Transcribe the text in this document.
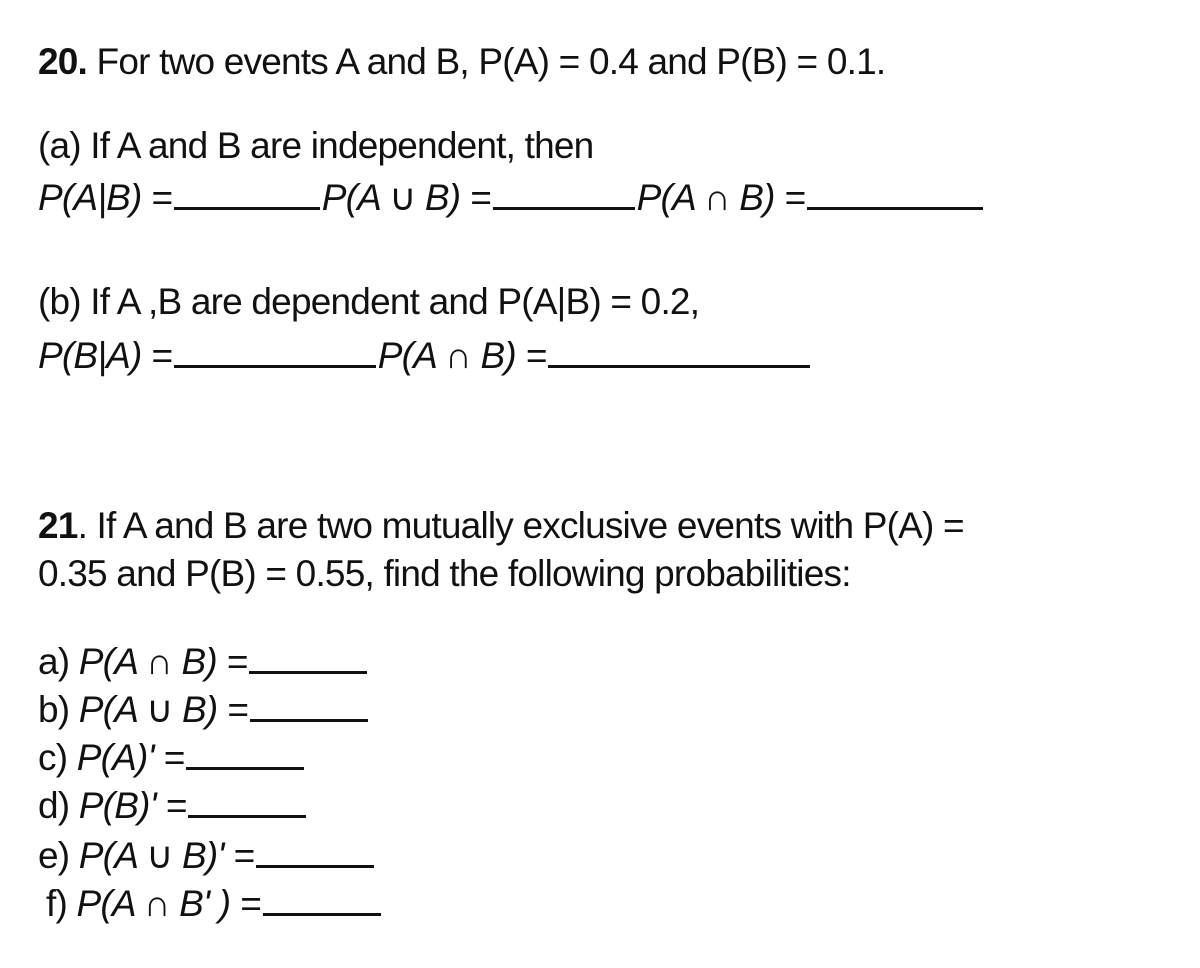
20. For two events A and B, P(A) = 0.4 and P(B) = 0.1.
(a) If A and B are independent, then
P(A|B) =	P(A ∪ B) =	P(A ∩ B) =
(b) If A ,B are dependent and P(A|B) = 0.2,
P(B|A) =	P(A ∩ B) =
21. If A and B are two mutually exclusive events with P(A) =
0.35 and P(B) = 0.55, find the following probabilities:
a) P(A ∩ B) =
b) P(A ∪ B) =
c) P(A)' =
d) P(B)' =
e) P(A ∪ B)' =
f) P(A ∩ B' ) =
